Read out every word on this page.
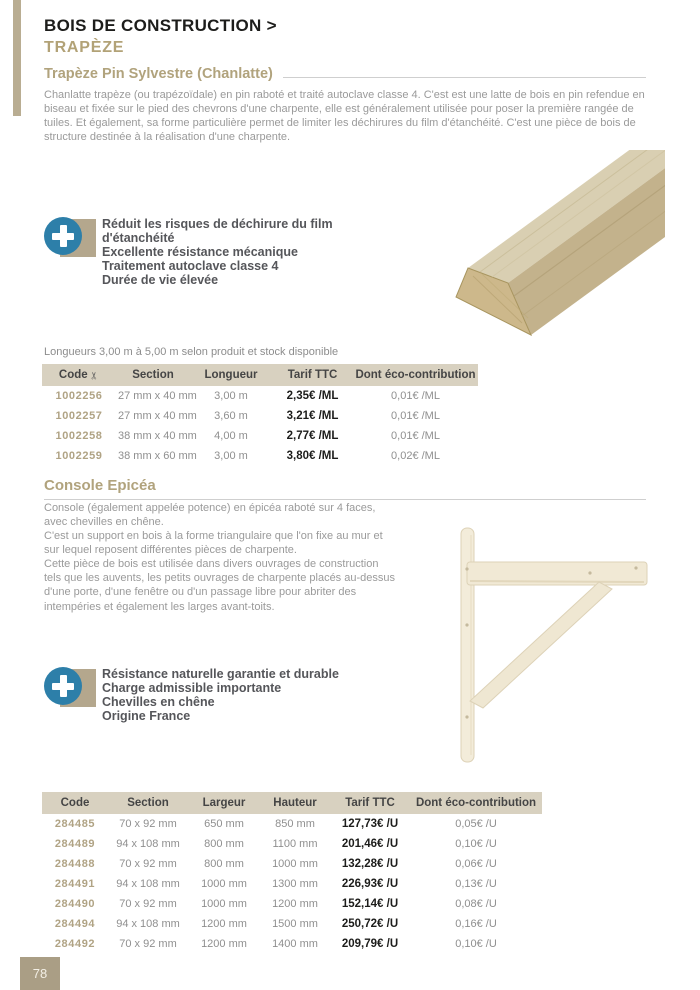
BOIS DE CONSTRUCTION >
TRAPÈZE
Trapèze Pin Sylvestre (Chanlatte)

Chanlatte trapèze (ou trapézoïdale) en pin raboté et traité autoclave classe 4. C'est est une latte de bois en pin refendue en biseau et fixée sur le pied des chevrons d'une charpente, elle est généralement utilisée pour poser la première rangée de tuiles. Et également, sa forme particulière permet de limiter les déchirures du film d'étanchéité. C'est une pièce de bois de structure destinée à la réalisation d'une charpente.

Réduit les risques de déchirure du film d'étanchéité
Excellente résistance mécanique
Traitement autoclave classe 4
Durée de vie élevée
Longueurs 3,00 m à 5,00 m selon produit et stock disponible
Code ✂	Section	Longueur	Tarif TTC	Dont éco-contribution
1002256	27 mm x 40 mm	3,00 m	2,35€ /ML	0,01€ /ML
1002257	27 mm x 40 mm	3,60 m	3,21€ /ML	0,01€ /ML
1002258	38 mm x 40 mm	4,00 m	2,77€ /ML	0,01€ /ML
1002259	38 mm x 60 mm	3,00 m	3,80€ /ML	0,02€ /ML
Console Epicéa

Console (également appelée potence) en épicéa raboté sur 4 faces, avec chevilles en chêne.

C'est un support en bois à la forme triangulaire que l'on fixe au mur et sur lequel reposent différentes pièces de charpente.

Cette pièce de bois est utilisée dans divers ouvrages de construction tels que les auvents, les petits ouvrages de charpente placés au-dessus d'une porte, d'une fenêtre ou d'un passage libre pour abriter des intempéries et également les larges avant-toits.

Résistance naturelle garantie et durable
Charge admissible importante
Chevilles en chêne
Origine France
Code	Section	Largeur	Hauteur	Tarif TTC	Dont éco-contribution
284485	70 x 92 mm	650 mm	850 mm	127,73€ /U	0,05€ /U
284489	94 x 108 mm	800 mm	1100 mm	201,46€ /U	0,10€ /U
284488	70 x 92 mm	800 mm	1000 mm	132,28€ /U	0,06€ /U
284491	94 x 108 mm	1000 mm	1300 mm	226,93€ /U	0,13€ /U
284490	70 x 92 mm	1000 mm	1200 mm	152,14€ /U	0,08€ /U
284494	94 x 108 mm	1200 mm	1500 mm	250,72€ /U	0,16€ /U
284492	70 x 92 mm	1200 mm	1400 mm	209,79€ /U	0,10€ /U
78
